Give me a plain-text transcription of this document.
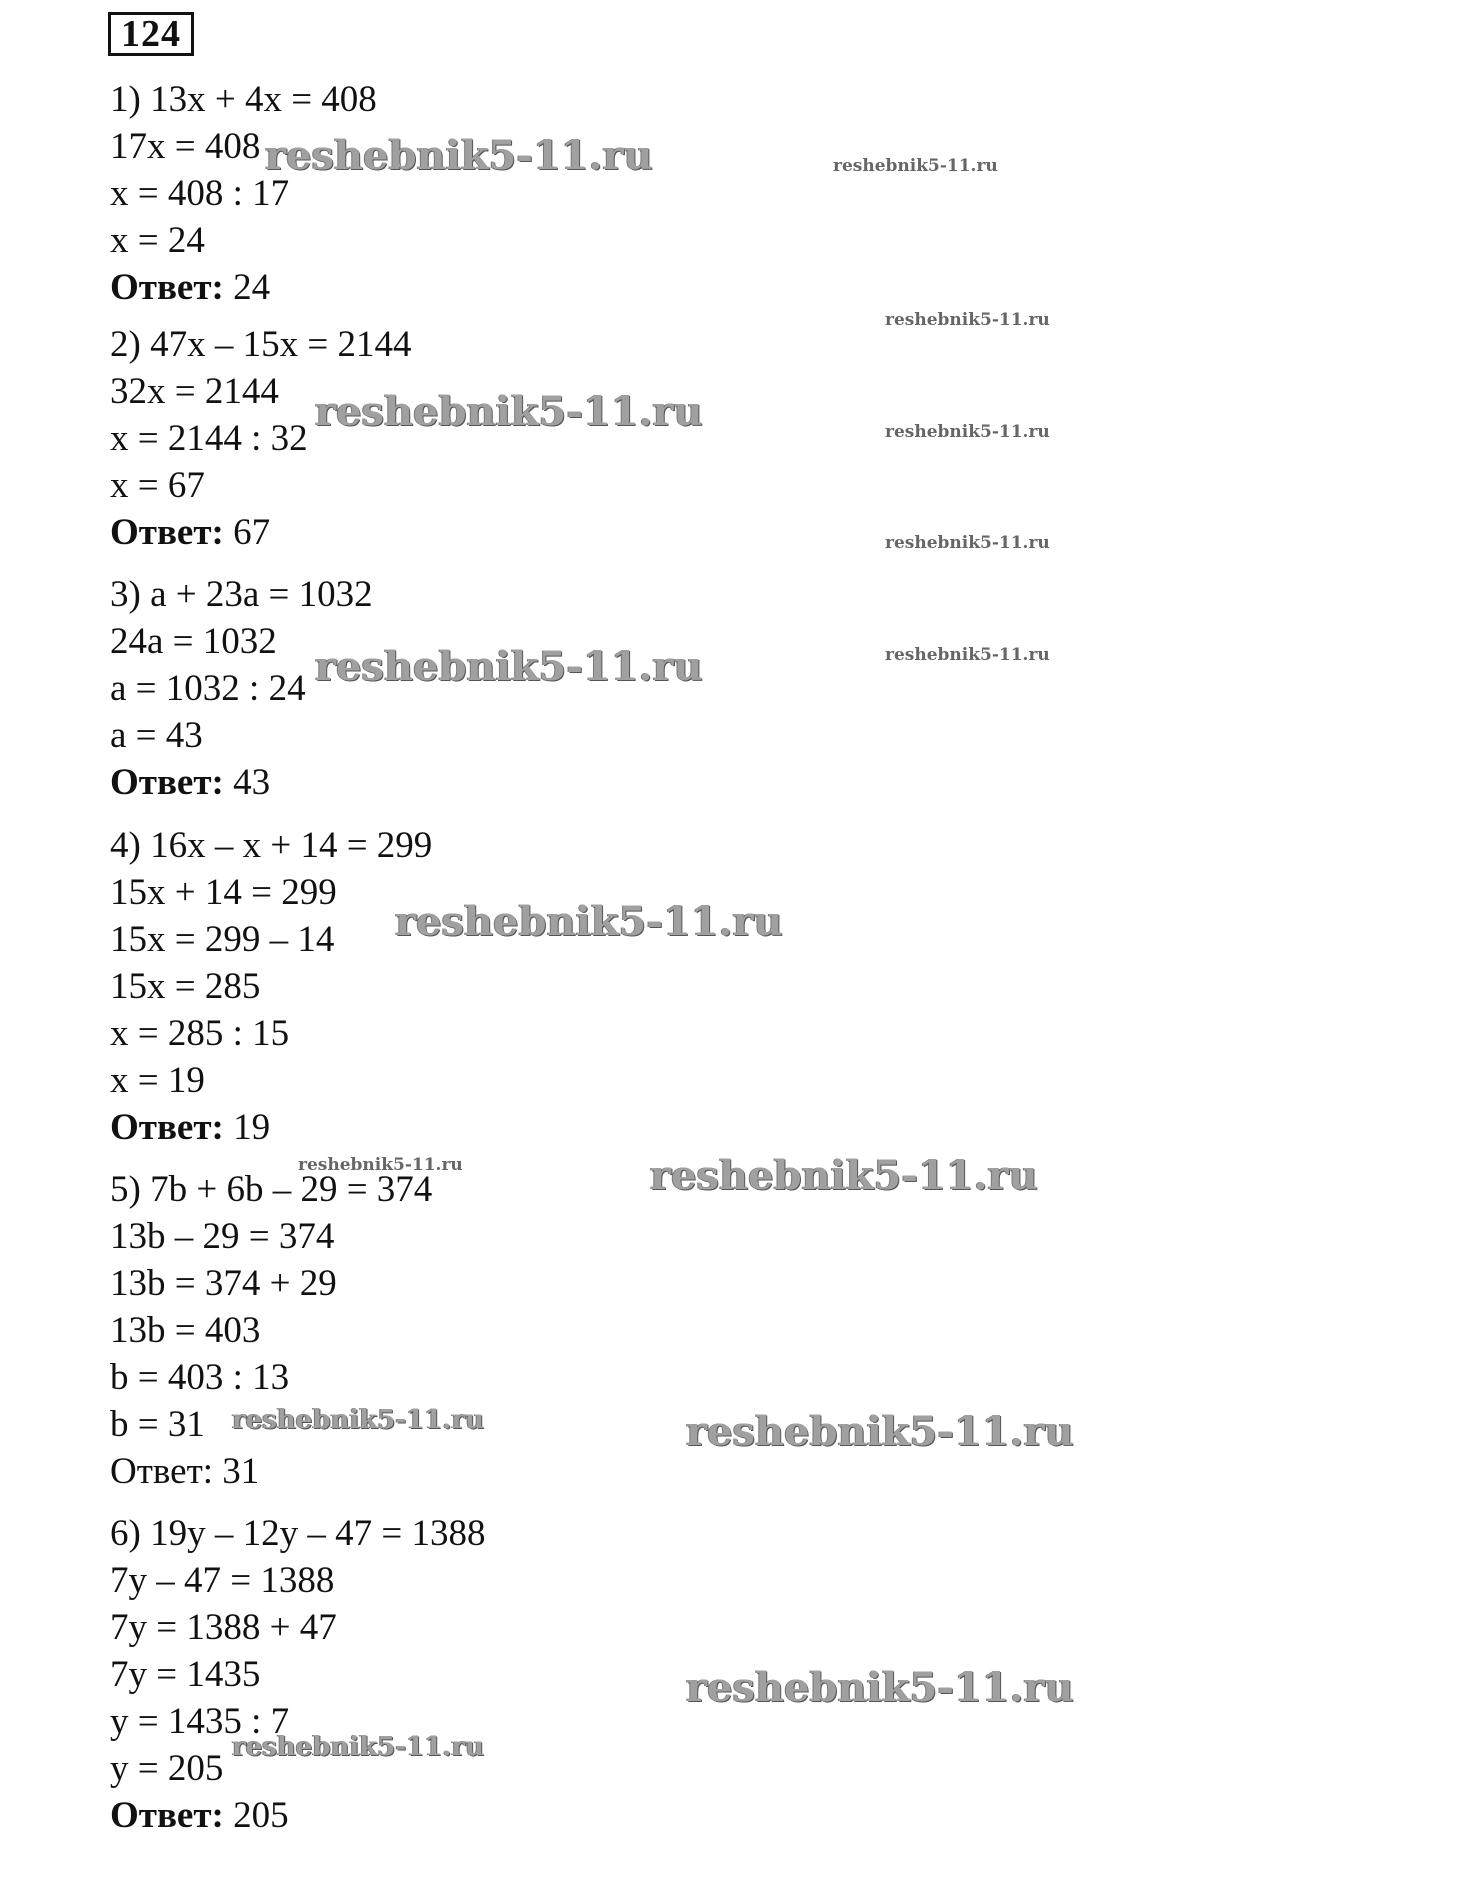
124
1) 13x + 4x = 408
17x = 408
x = 408 : 17
x = 24
Ответ: 24
2) 47x – 15x = 2144
32x = 2144
x = 2144 : 32
x = 67
Ответ: 67
3) a + 23a = 1032
24a = 1032
a = 1032 : 24
a = 43
Ответ: 43
4) 16x – x + 14 = 299
15x + 14 = 299
15x = 299 – 14
15x = 285
x = 285 : 15
x = 19
Ответ: 19
5) 7b + 6b – 29 = 374
13b – 29 = 374
13b = 374 + 29
13b = 403
b = 403 : 13
b = 31
Ответ: 31
6) 19y – 12y – 47 = 1388
7y – 47 = 1388
7y = 1388 + 47
7y = 1435
y = 1435 : 7
y = 205
Ответ: 205
reshebnik5-11.ru	reshebnik5-11.ru
reshebnik5-11.ru
reshebnik5-11.ru	reshebnik5-11.ru
reshebnik5-11.ru
reshebnik5-11.ru	reshebnik5-11.ru
reshebnik5-11.ru
reshebnik5-11.ru	reshebnik5-11.ru
reshebnik5-11.ru	reshebnik5-11.ru
reshebnik5-11.ru
reshebnik5-11.ru
